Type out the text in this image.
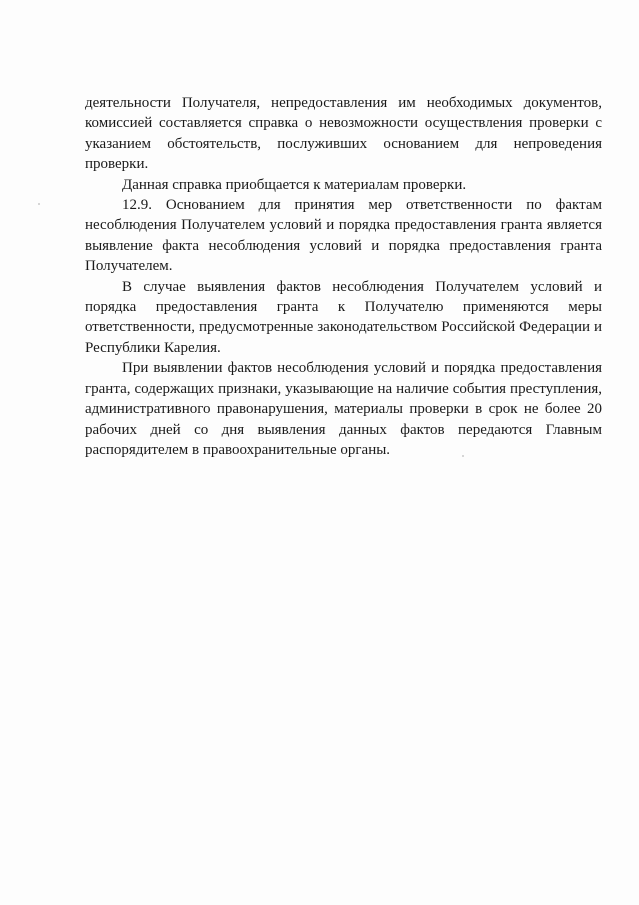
деятельности Получателя, непредоставления им необходимых документов, комиссией составляется справка о невозможности осуществления проверки с указанием обстоятельств, послуживших основанием для непроведения проверки.

Данная справка приобщается к материалам проверки.

12.9. Основанием для принятия мер ответственности по фактам несоблюдения Получателем условий и порядка предоставления гранта является выявление факта несоблюдения условий и порядка предоставления гранта Получателем.

В случае выявления фактов несоблюдения Получателем условий и порядка предоставления гранта к Получателю применяются меры ответственности, предусмотренные законодательством Российской Федерации и Республики Карелия.

При выявлении фактов несоблюдения условий и порядка предоставления гранта, содержащих признаки, указывающие на наличие события преступления, административного правонарушения, материалы проверки в срок не более 20 рабочих дней со дня выявления данных фактов передаются Главным распорядителем в правоохранительные органы.
